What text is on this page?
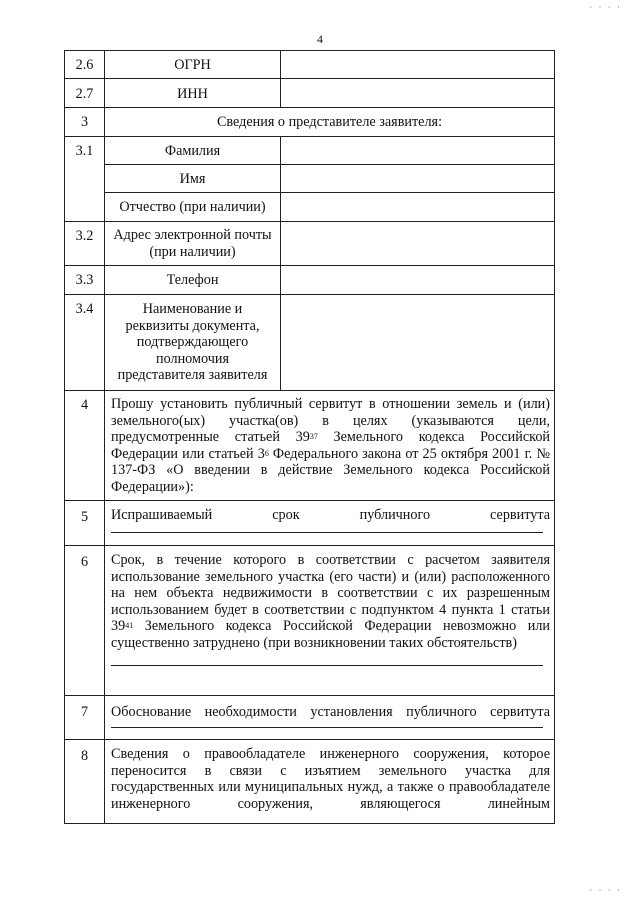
4
2.6	ОГРН	
2.7	ИНН	
3	Сведения о представителе заявителя:	
3.1	Фамилия	
	Имя	
	Отчество (при наличии)	
3.2	Адрес электронной почты
(при наличии)	

3.3	Телефон	
3.4	Наименование и
реквизиты документа,
подтверждающего
полномочия
представителя заявителя	

4	Прошу установить публичный сервитут в отношении земель и (или) земельного(ых) участка(ов) в целях (указываются цели, предусмотренные статьей $39^{37}$ Земельного кодекса Российской Федерации или статьей $3^6$ Федерального закона от 25 октября 2001 г. № 137-ФЗ «О введении в действие Земельного кодекса Российской Федерации»):	

5	Испрашиваемый срок публичного сервитута	

6	Срок, в течение которого в соответствии с расчетом заявителя использование земельного участка (его части) и (или) расположенного на нем объекта недвижимости в соответствии с их разрешенным использованием будет в соответствии с подпунктом 4 пункта 1 статьи $39^{41}$ Земельного кодекса Российской Федерации невозможно или существенно затруднено (при возникновении таких обстоятельств)	

7	Обоснование необходимости установления публичного сервитута	

8	Сведения о правообладателе инженерного сооружения, которое переносится в связи с изъятием земельного участка для государственных или муниципальных нужд, а также о правообладателе инженерного сооружения, являющегося линейным	
· · · ·
· · · ·
